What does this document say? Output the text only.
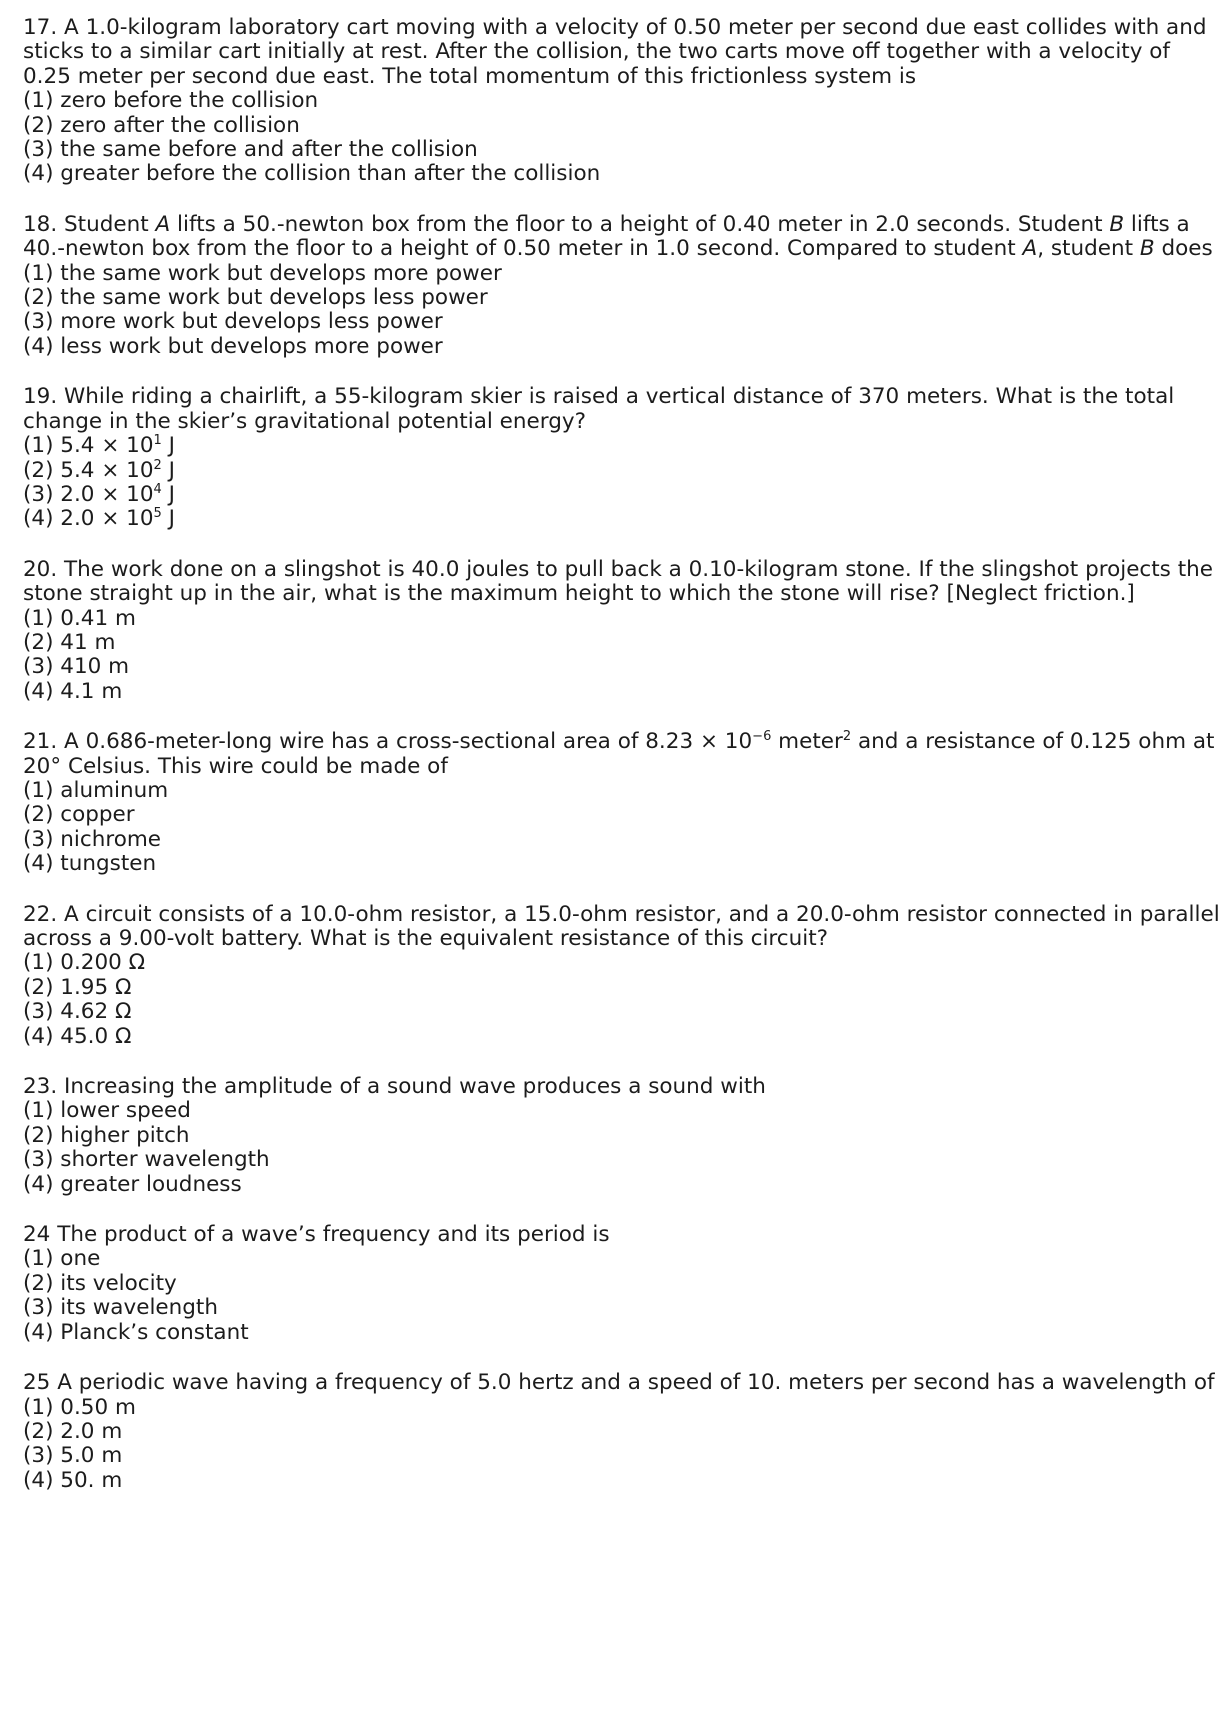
17. A 1.0-kilogram laboratory cart moving with a velocity of 0.50 meter per second due east collides with and sticks to a similar cart initially at rest. After the collision, the two carts move off together with a velocity of 0.25 meter per second due east. The total momentum of this frictionless system is

(1) zero before the collision

(2) zero after the collision

(3) the same before and after the collision

(4) greater before the collision than after the collision

18. Student A lifts a 50.-newton box from the floor to a height of 0.40 meter in 2.0 seconds. Student B lifts a 40.-newton box from the floor to a height of 0.50 meter in 1.0 second. Compared to student A, student B does

(1) the same work but develops more power

(2) the same work but develops less power

(3) more work but develops less power

(4) less work but develops more power

19. While riding a chairlift, a 55-kilogram skier is raised a vertical distance of 370 meters. What is the total change in the skier’s gravitational potential energy?

(1) $5.4 \times 10^1$ J

(2) $5.4 \times 10^2$ J

(3) $2.0 \times 10^4$ J

(4) $2.0 \times 10^5$ J

20. The work done on a slingshot is 40.0 joules to pull back a 0.10-kilogram stone. If the slingshot projects the stone straight up in the air, what is the maximum height to which the stone will rise? [Neglect friction.]

(1) 0.41 m

(2) 41 m

(3) 410 m

(4) 4.1 m

21. A 0.686-meter-long wire has a cross-sectional area of $8.23 \times 10^{-6}$ meter$^2$ and a resistance of 0.125 ohm at 20° Celsius. This wire could be made of

(1) aluminum

(2) copper

(3) nichrome

(4) tungsten

22. A circuit consists of a 10.0-ohm resistor, a 15.0-ohm resistor, and a 20.0-ohm resistor connected in parallel across a 9.00-volt battery. What is the equivalent resistance of this circuit?

(1) 0.200 Ω

(2) 1.95 Ω

(3) 4.62 Ω

(4) 45.0 Ω

23. Increasing the amplitude of a sound wave produces a sound with

(1) lower speed

(2) higher pitch

(3) shorter wavelength

(4) greater loudness

24 The product of a wave’s frequency and its period is

(1) one

(2) its velocity

(3) its wavelength

(4) Planck’s constant

25 A periodic wave having a frequency of 5.0 hertz and a speed of 10. meters per second has a wavelength of

(1) 0.50 m

(2) 2.0 m

(3) 5.0 m

(4) 50. m
